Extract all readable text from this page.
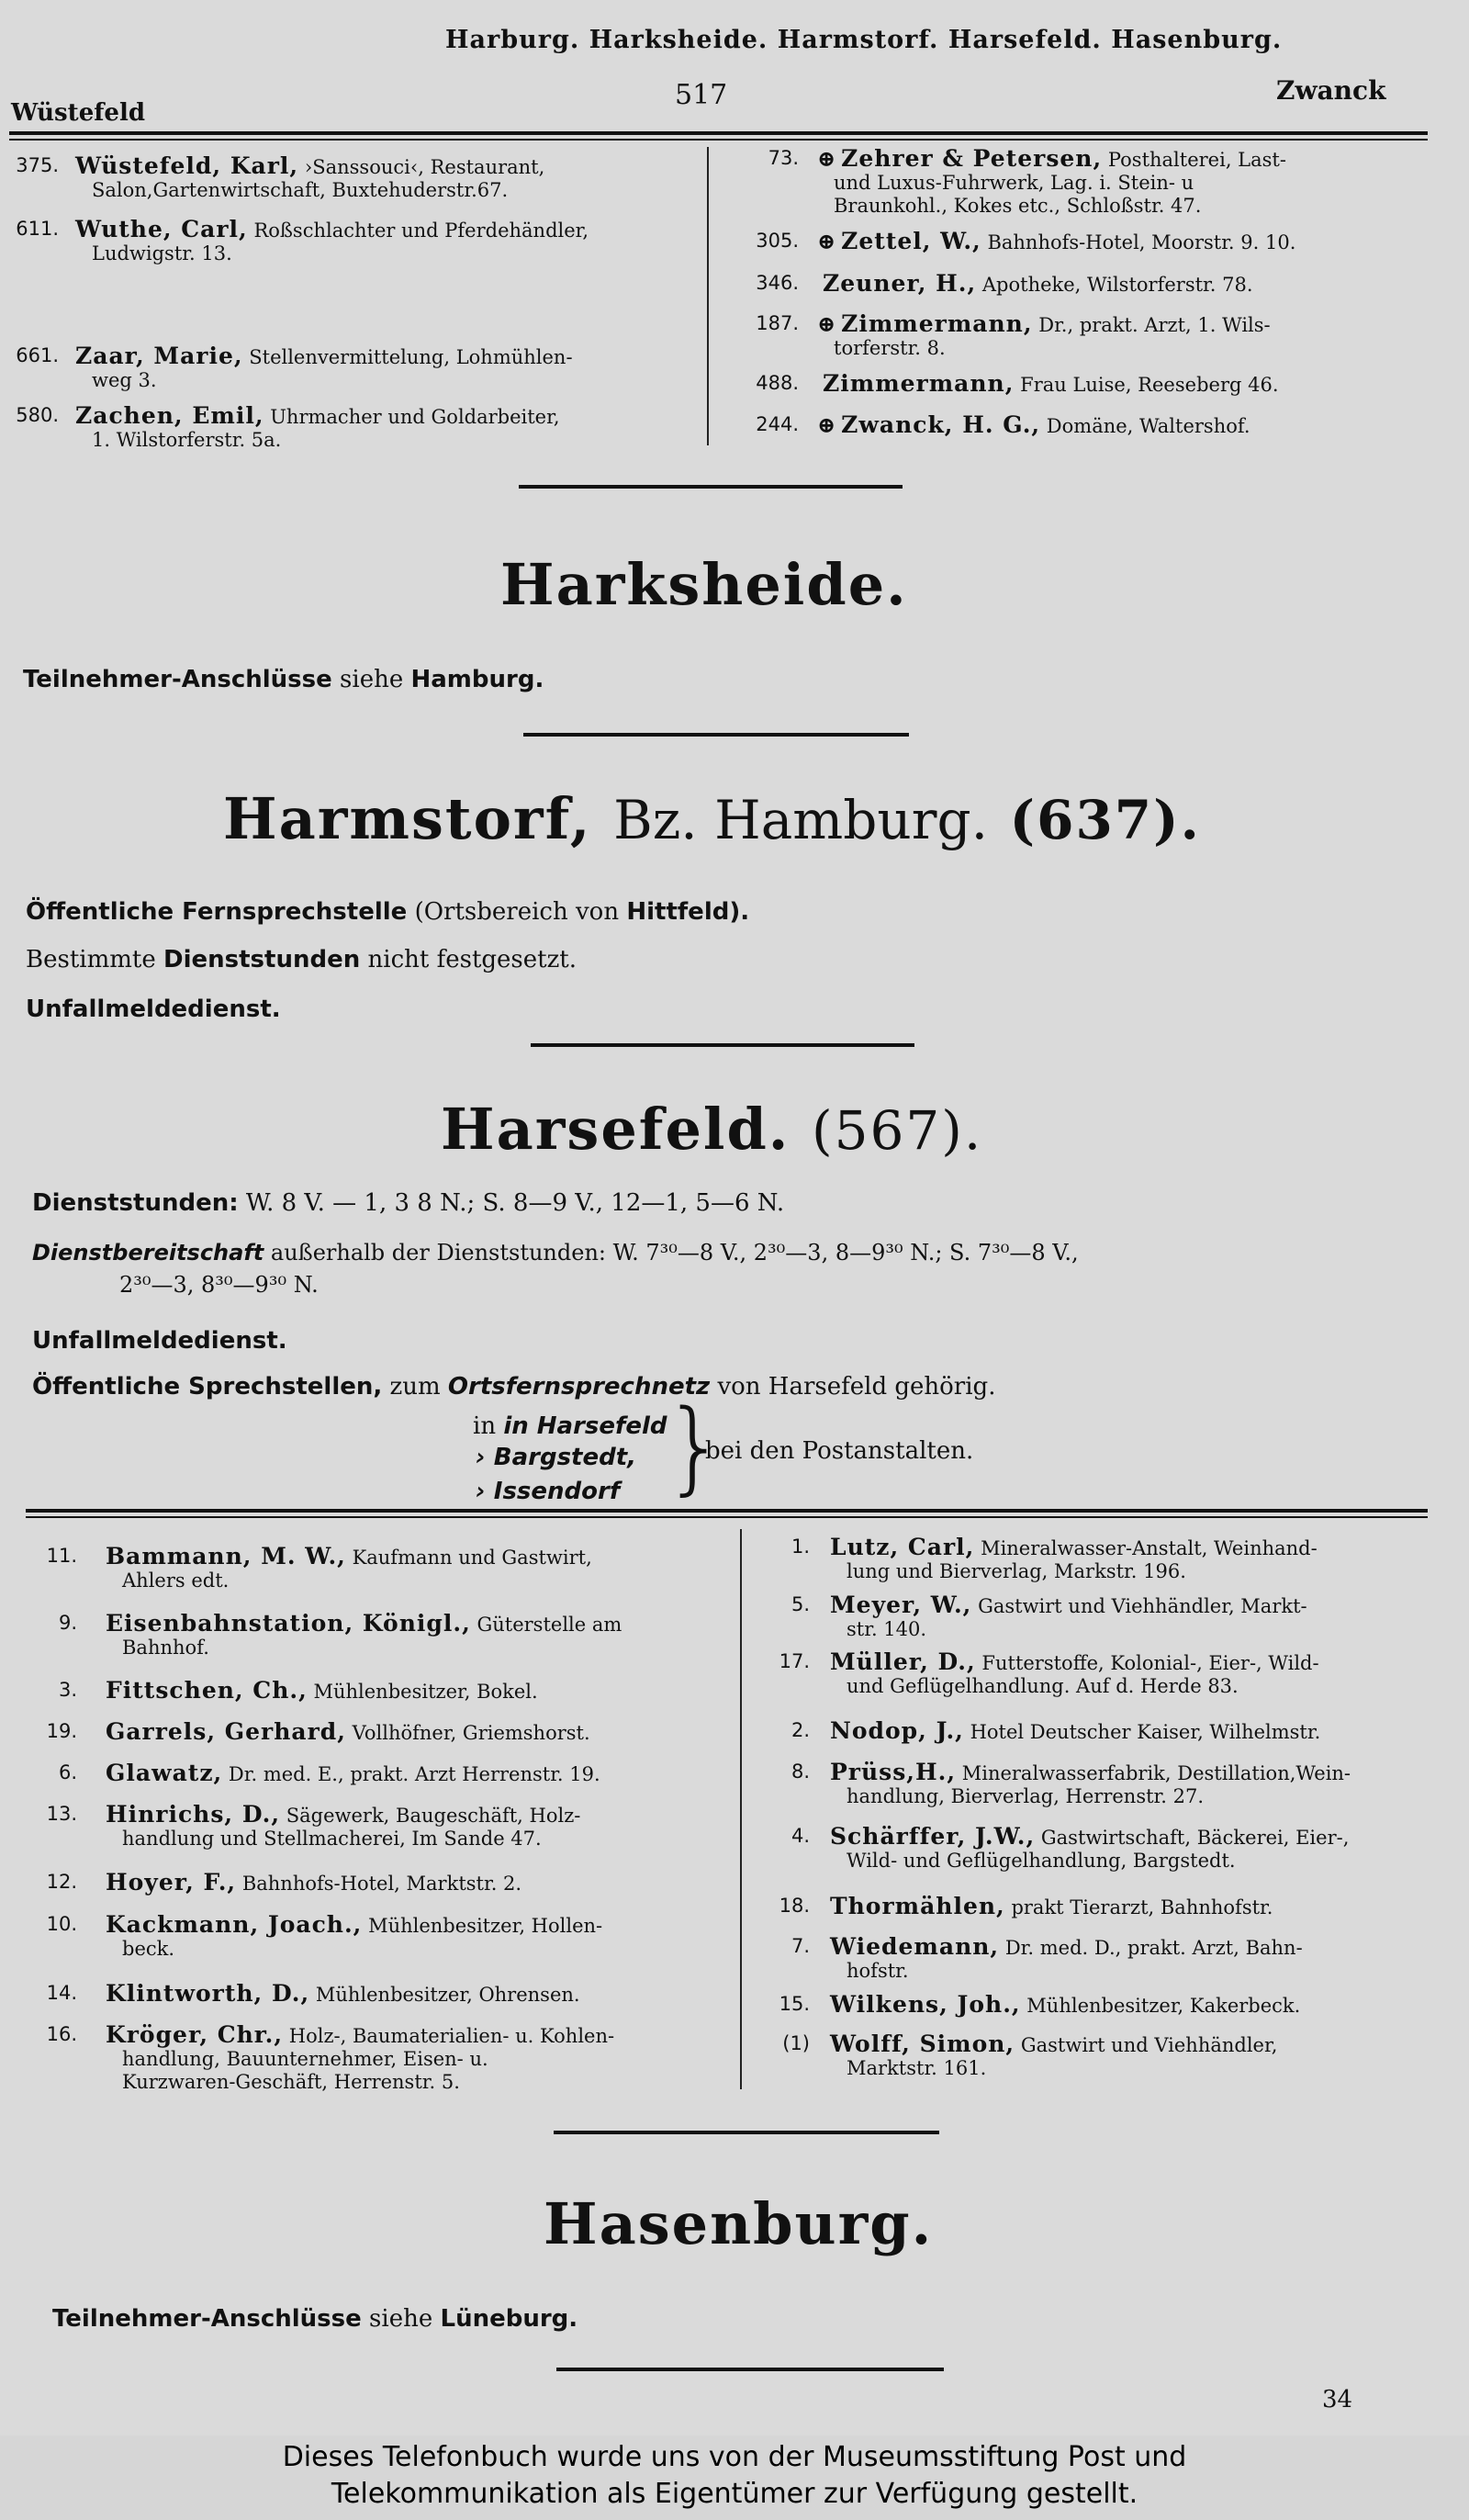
Harburg. Harksheide. Harmstorf. Harsefeld. Hasenburg.
Wüstefeld
517	Zwanck
375. Wüstefeld, Karl, ›Sanssouci‹, Restaurant,
Salon,Gartenwirtschaft, Buxtehuderstr.67.
611. Wuthe, Carl, Roßschlachter und Pferdehändler,
Ludwigstr. 13.
661. Zaar, Marie, Stellenvermittelung, Lohmühlen-
weg 3.
580. Zachen, Emil, Uhrmacher und Goldarbeiter,
1. Wilstorferstr. 5a.
73. ⊕ Zehrer & Petersen, Posthalterei, Last-
und Luxus-Fuhrwerk, Lag. i. Stein- u
Braunkohl., Kokes etc., Schloßstr. 47.
305. ⊕ Zettel, W., Bahnhofs-Hotel, Moorstr. 9. 10.
346. Zeuner, H., Apotheke, Wilstorferstr. 78.
187. ⊕ Zimmermann, Dr., prakt. Arzt, 1. Wils-
torferstr. 8.
488. Zimmermann, Frau Luise, Reeseberg 46.
244. ⊕ Zwanck, H. G., Domäne, Waltershof.
Harksheide.
Teilnehmer-Anschlüsse siehe Hamburg.
Harmstorf, Bz. Hamburg. (637).
Öffentliche Fernsprechstelle (Ortsbereich von Hittfeld).
Bestimmte Dienststunden nicht festgesetzt.
Unfallmeldedienst.
Harsefeld. (567).
Dienststunden: W. 8 V. — 1, 3 8 N.; S. 8—9 V., 12—1, 5—6 N.
Dienstbereitschaft außerhalb der Dienststunden: W. 7³⁰—8 V., 2³⁰—3, 8—9³⁰ N.; S. 7³⁰—8 V.,
2³⁰—3, 8³⁰—9³⁰ N.
Unfallmeldedienst.
Öffentliche Sprechstellen, zum Ortsfernsprechnetz von Harsefeld gehörig.
in in Harsefeld
› Bargstedt,
› Issendorf }
bei den Postanstalten.
11. Bammann, M. W., Kaufmann und Gastwirt,
Ahlers edt.
9. Eisenbahnstation, Königl., Güterstelle am
Bahnhof.
3. Fittschen, Ch., Mühlenbesitzer, Bokel.
19. Garrels, Gerhard, Vollhöfner, Griemshorst.
6. Glawatz, Dr. med. E., prakt. Arzt Herrenstr. 19.
13. Hinrichs, D., Sägewerk, Baugeschäft, Holz-
handlung und Stellmacherei, Im Sande 47.
12. Hoyer, F., Bahnhofs-Hotel, Marktstr. 2.
10. Kackmann, Joach., Mühlenbesitzer, Hollen-
beck.
14. Klintworth, D., Mühlenbesitzer, Ohrensen.
16. Kröger, Chr., Holz-, Baumaterialien- u. Kohlen-
handlung, Bauunternehmer, Eisen- u.
Kurzwaren-Geschäft, Herrenstr. 5.
1. Lutz, Carl, Mineralwasser-Anstalt, Weinhand-
lung und Bierverlag, Markstr. 196.
5. Meyer, W., Gastwirt und Viehhändler, Markt-
str. 140.
17. Müller, D., Futterstoffe, Kolonial-, Eier-, Wild-
und Geflügelhandlung. Auf d. Herde 83.
2. Nodop, J., Hotel Deutscher Kaiser, Wilhelmstr.
8. Prüss,H., Mineralwasserfabrik, Destillation,Wein-
handlung, Bierverlag, Herrenstr. 27.
4. Schärffer, J.W., Gastwirtschaft, Bäckerei, Eier-,
Wild- und Geflügelhandlung, Bargstedt.
18. Thormählen, prakt Tierarzt, Bahnhofstr.
7. Wiedemann, Dr. med. D., prakt. Arzt, Bahn-
hofstr.
15. Wilkens, Joh., Mühlenbesitzer, Kakerbeck.
(1) Wolff, Simon, Gastwirt und Viehhändler,
Marktstr. 161.
Hasenburg.
Teilnehmer-Anschlüsse siehe Lüneburg.
34
Dieses Telefonbuch wurde uns von der Museumsstiftung Post und
Telekommunikation als Eigentümer zur Verfügung gestellt.
